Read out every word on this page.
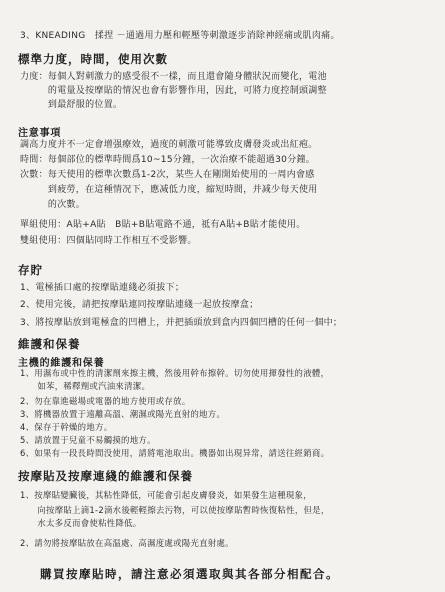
3、KNEADING　揉捏 －通過用力壓和輕壓等刺激逐步消除神經痛或肌肉痛。
標準力度，時間，使用次數
力度：每個人對刺激力的感受很不一樣，而且還會隨身體狀況而變化，電池
　　　的電量及按摩貼的情況也會有影響作用，因此，可將力度控制頭調整
　　　到最舒服的位置。
注意事項
調高力度并不一定會增强療效，過度的刺激可能導致皮膚發炎或出紅疱。
時間：每個部位的標準時間爲10~15分鐘，一次治療不能超過30分鐘。
次數：每天使用的標準次數爲1-2次，某些人在剛開始使用的一周内會感
　　　到疲勞，在這種情况下，應减低力度，縮短時間，并减少每天使用
　　　的次數。
單組使用：A貼+A貼　B貼+B貼電路不通，祗有A貼+B貼才能使用。
雙組使用：四個貼同時工作相互不受影響。
存貯
1、電極插口處的按摩貼連綫必須拔下；
2、使用完後，請把按摩貼連同按摩貼連綫一起放按摩盒；
3、將按摩貼放到電極盒的凹槽上，并把插頭放到盒内四個凹槽的任何一個中；
維護和保養
主機的維護和保養
1、用濕布或中性的清潔劑來擦主機，然後用幹布擦幹。切勿使用揮發性的液體，
　　如苯，稀釋劑或汽油來清潔。
2、勿在靠進磁場或電器的地方使用或存放。
3、將機器放置于遠離高溫、潮濕或陽光直射的地方。
4、保存于幹燥的地方。
5、請放置于兒童不易觸摸的地方。
6、如果有一段長時間没使用，請將電池取出。機器如出現异常，請送往經銷商。
按摩貼及按摩連綫的維護和保養
1、按摩貼變臟後，其粘性降低，可能會引起皮膚發炎，如果發生這種現象，
　　向按摩貼上滴1-2滴水後輕輕擦去污物，可以使按摩貼暫時恢復粘性，但是，
　　水太多反而會使粘性降低。
2、請勿將按摩貼放在高温處、高濕度處或陽光直射處。
購買按摩貼時，請注意必須選取與其各部分相配合。
